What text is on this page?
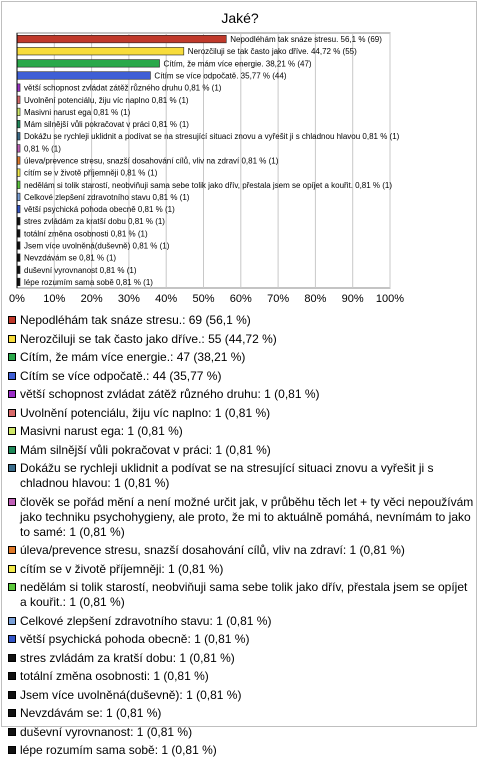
Jaké?
0% 10% 20% 30% 40% 50% 60% 70% 80% 90% 100%
Nepodléhám tak snáze stresu. 56,1 % (69)
Nerozčiluji se tak často jako dříve. 44,72 % (55)
Cítím, že mám více energie. 38,21 % (47)
Cítím se více odpočatě. 35,77 % (44)
větší schopnost zvládat zátěž různého druhu 0,81 % (1)
Uvolnění potenciálu, žiju víc naplno 0,81 % (1)
Masivni narust ega 0,81 % (1)
Mám silnější vůli pokračovat v práci 0,81 % (1)
Dokážu se rychleji uklidnit a podívat se na stresující situaci znovu a vyřešit ji s chladnou hlavou 0,81 % (1)
0,81 % (1)
úleva/prevence stresu, snazší dosahování cílů, vliv na zdraví 0,81 % (1)
cítím se v životě příjemněji 0,81 % (1)
nedělám si tolik starostí, neobviňuji sama sebe tolik jako dřív, přestala jsem se opíjet a kouřit. 0,81 % (1)
Celkové zlepšení zdravotního stavu 0,81 % (1)
větší psychická pohoda obecně 0,81 % (1)
stres zvládám za kratší dobu 0,81 % (1)
totální změna osobnosti 0,81 % (1)
Jsem více uvolněná(duševně) 0,81 % (1)
Nevzdávám se 0,81 % (1)
duševní vyrovnanost 0,81 % (1)
lépe rozumím sama sobě 0,81 % (1)
Nepodléhám tak snáze stresu.: 69 (56,1 %)
Nerozčiluji se tak často jako dříve.: 55 (44,72 %)
Cítím, že mám více energie.: 47 (38,21 %)
Cítím se více odpočatě.: 44 (35,77 %)
větší schopnost zvládat zátěž různého druhu: 1 (0,81 %)
Uvolnění potenciálu, žiju víc naplno: 1 (0,81 %)
Masivni narust ega: 1 (0,81 %)
Mám silnější vůli pokračovat v práci: 1 (0,81 %)
Dokážu se rychleji uklidnit a podívat se na stresující situaci znovu a vyřešit ji s chladnou hlavou: 1 (0,81 %)
člověk se pořád mění a není možné určit jak, v průběhu těch let + ty věci nepoužívám jako techniku psychohygieny, ale proto, že mi to aktuálně pomáhá, nevnímám to jako to samé: 1 (0,81 %)
úleva/prevence stresu, snazší dosahování cílů, vliv na zdraví: 1 (0,81 %)
cítím se v životě příjemněji: 1 (0,81 %)
nedělám si tolik starostí, neobviňuji sama sebe tolik jako dřív, přestala jsem se opíjet a kouřit.: 1 (0,81 %)
Celkové zlepšení zdravotního stavu: 1 (0,81 %)
větší psychická pohoda obecně: 1 (0,81 %)
stres zvládám za kratší dobu: 1 (0,81 %)
totální změna osobnosti: 1 (0,81 %)
Jsem více uvolněná(duševně): 1 (0,81 %)
Nevzdávám se: 1 (0,81 %)
duševní vyrovnanost: 1 (0,81 %)
lépe rozumím sama sobě: 1 (0,81 %)
